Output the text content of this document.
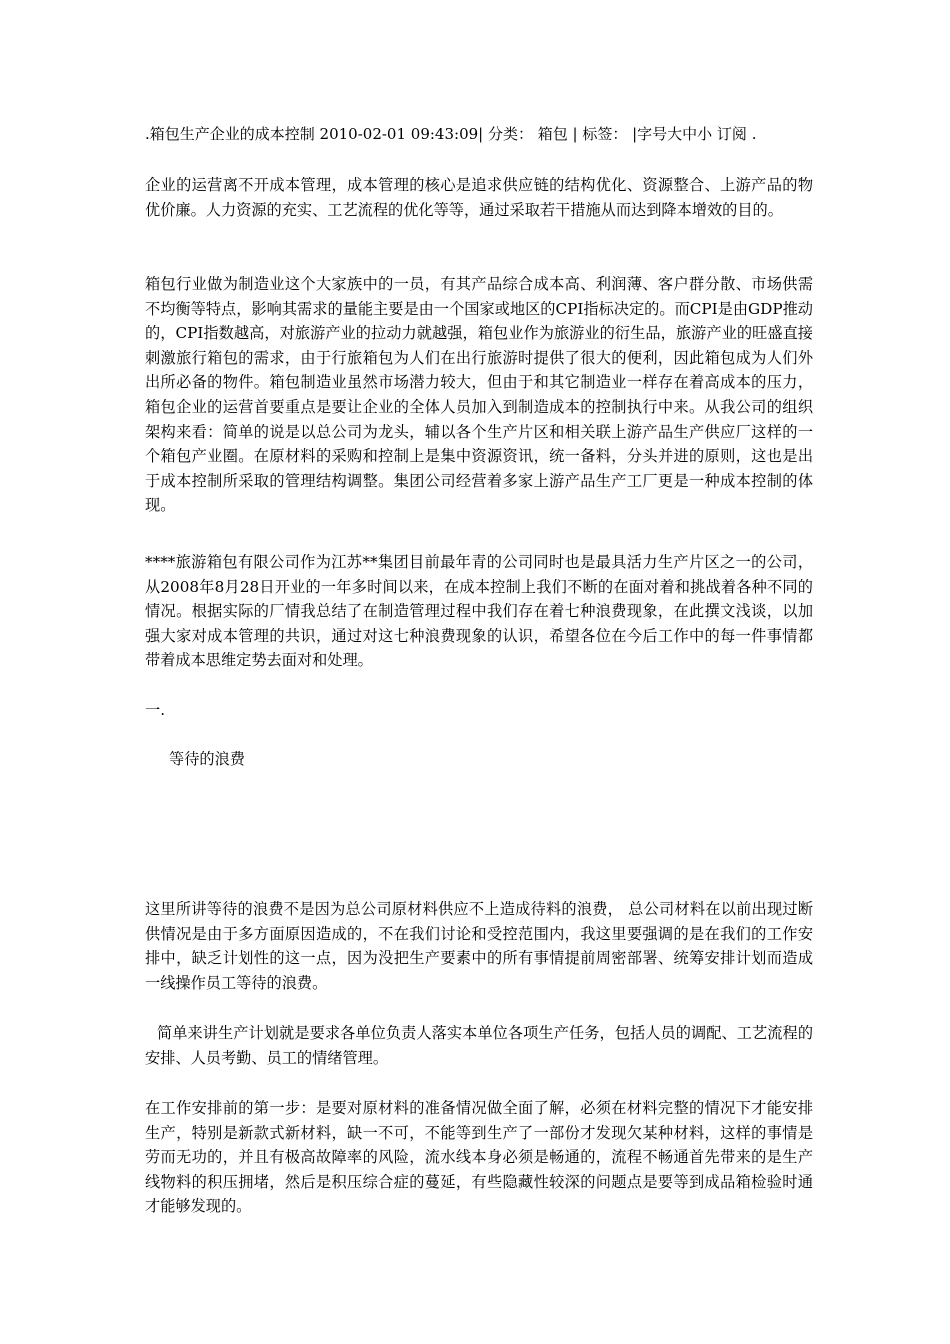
.箱包生产企业的成本控制 2010-02-01 09:43:09| 分类： 箱包 | 标签： |字号大中小 订阅 .

企业的运营离不开成本管理，成本管理的核心是追求供应链的结构优化、资源整合、上游产品的物优价廉。人力资源的充实、工艺流程的优化等等，通过采取若干措施从而达到降本增效的目的。

箱包行业做为制造业这个大家族中的一员，有其产品综合成本高、利润薄、客户群分散、市场供需不均衡等特点，影响其需求的量能主要是由一个国家或地区的CPI指标决定的。而CPI是由GDP推动的，CPI指数越高，对旅游产业的拉动力就越强，箱包业作为旅游业的衍生品，旅游产业的旺盛直接刺激旅行箱包的需求，由于行旅箱包为人们在出行旅游时提供了很大的便利，因此箱包成为人们外出所必备的物件。箱包制造业虽然市场潜力较大，但由于和其它制造业一样存在着高成本的压力，箱包企业的运营首要重点是要让企业的全体人员加入到制造成本的控制执行中来。从我公司的组织架构来看：简单的说是以总公司为龙头，辅以各个生产片区和相关联上游产品生产供应厂这样的一个箱包产业圈。在原材料的采购和控制上是集中资源资讯，统一备料，分头并进的原则，这也是出于成本控制所采取的管理结构调整。集团公司经营着多家上游产品生产工厂更是一种成本控制的体现。

****旅游箱包有限公司作为江苏**集团目前最年青的公司同时也是最具活力生产片区之一的公司，从2008年8月28日开业的一年多时间以来，在成本控制上我们不断的在面对着和挑战着各种不同的情况。根据实际的厂情我总结了在制造管理过程中我们存在着七种浪费现象，在此撰文浅谈，以加强大家对成本管理的共识，通过对这七种浪费现象的认识，希望各位在今后工作中的每一件事情都带着成本思维定势去面对和处理。

一.
等待的浪费

这里所讲等待的浪费不是因为总公司原材料供应不上造成待料的浪费， 总公司材料在以前出现过断供情况是由于多方面原因造成的，不在我们讨论和受控范围内，我这里要强调的是在我们的工作安排中，缺乏计划性的这一点，因为没把生产要素中的所有事情提前周密部署、统筹安排计划而造成一线操作员工等待的浪费。

简单来讲生产计划就是要求各单位负责人落实本单位各项生产任务，包括人员的调配、工艺流程的安排、人员考勤、员工的情绪管理。

在工作安排前的第一步：是要对原材料的准备情况做全面了解，必须在材料完整的情况下才能安排生产，特别是新款式新材料，缺一不可，不能等到生产了一部份才发现欠某种材料，这样的事情是劳而无功的，并且有极高故障率的风险，流水线本身必须是畅通的，流程不畅通首先带来的是生产线物料的积压拥堵，然后是积压综合症的蔓延，有些隐藏性较深的问题点是要等到成品箱检验时通才能够发现的。
